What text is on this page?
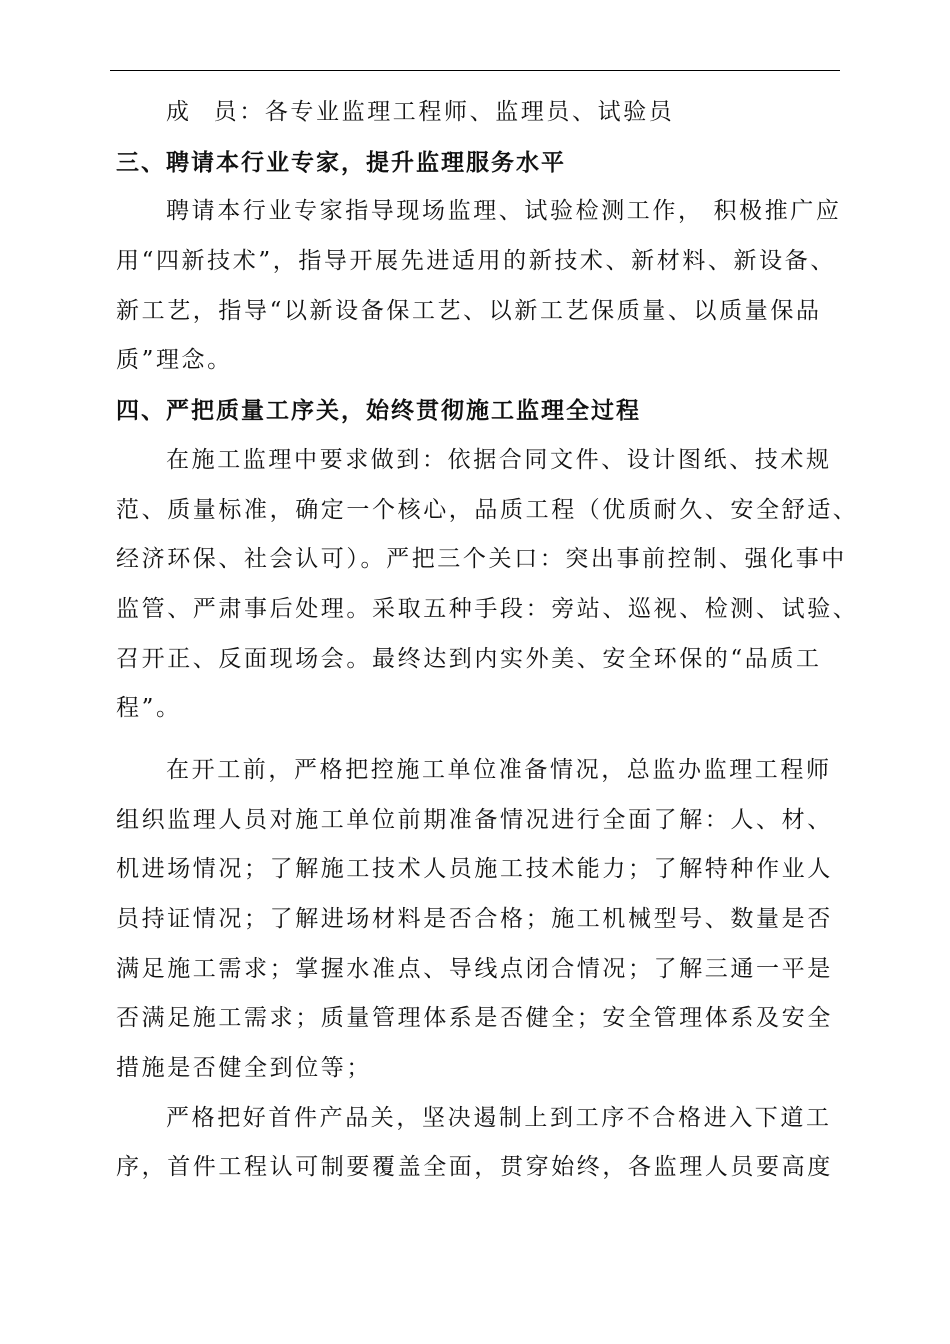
成 员：各专业监理工程师、监理员、试验员
三、聘请本行业专家，提升监理服务水平
聘请本行业专家指导现场监理、试验检测工作， 积极推广应
用“四新技术”，指导开展先进适用的新技术、新材料、新设备、
新工艺，指导“以新设备保工艺、以新工艺保质量、以质量保品
质”理念。
四、严把质量工序关，始终贯彻施工监理全过程
在施工监理中要求做到：依据合同文件、设计图纸、技术规
范、质量标准，确定一个核心，品质工程（优质耐久、安全舒适、
经济环保、社会认可）。严把三个关口：突出事前控制、强化事中
监管、严肃事后处理。采取五种手段：旁站、巡视、检测、试验、
召开正、反面现场会。最终达到内实外美、安全环保的“品质工
程”。
在开工前，严格把控施工单位准备情况，总监办监理工程师
组织监理人员对施工单位前期准备情况进行全面了解：人、材、
机进场情况；了解施工技术人员施工技术能力；了解特种作业人
员持证情况；了解进场材料是否合格；施工机械型号、数量是否
满足施工需求；掌握水准点、导线点闭合情况；了解三通一平是
否满足施工需求；质量管理体系是否健全；安全管理体系及安全
措施是否健全到位等；
严格把好首件产品关，坚决遏制上到工序不合格进入下道工
序，首件工程认可制要覆盖全面，贯穿始终，各监理人员要高度
